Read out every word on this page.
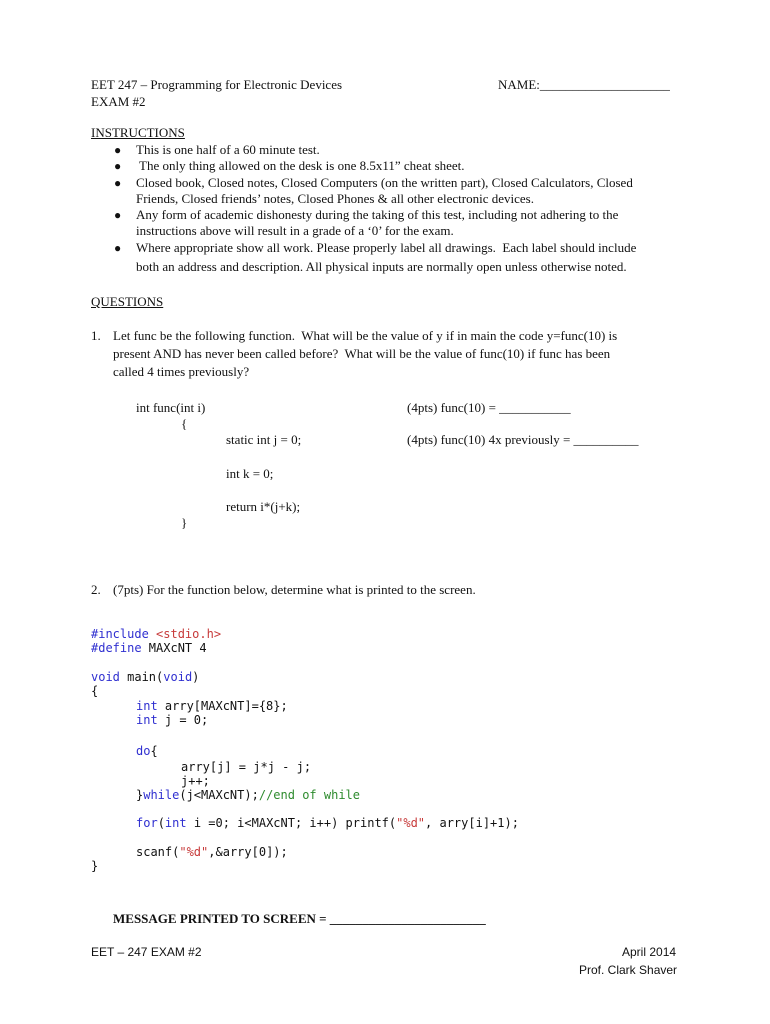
EET 247 – Programming for Electronic Devices	NAME:____________________
EXAM #2
INSTRUCTIONS
● This is one half of a 60 minute test.
● The only thing allowed on the desk is one 8.5x11” cheat sheet.
● Closed book, Closed notes, Closed Computers (on the written part), Closed Calculators, Closed
Friends, Closed friends’ notes, Closed Phones & all other electronic devices.
● Any form of academic dishonesty during the taking of this test, including not adhering to the
instructions above will result in a grade of a ‘0’ for the exam.
● Where appropriate show all work. Please properly label all drawings.  Each label should include
both an address and description. All physical inputs are normally open unless otherwise noted.
QUESTIONS
1. Let func be the following function.  What will be the value of y if in main the code y=func(10) is
present AND has never been called before?  What will be the value of func(10) if func has been
called 4 times previously?
int func(int i)
{
static int j = 0;
int k = 0;
return i*(j+k);
}
(4pts) func(10) = ___________
(4pts) func(10) 4x previously = __________
2. (7pts) For the function below, determine what is printed to the screen.
#include <stdio.h>
#define MAXcNT 4
void main(void)
{
int arry[MAXcNT]={8};
int j = 0;
do{
arry[j] = j*j - j;
j++;
}while(j<MAXcNT);//end of while
for(int i =0; i<MAXcNT; i++) printf("%d", arry[i]+1);
scanf("%d",&arry[0]);
}
MESSAGE PRINTED TO SCREEN = ________________________
EET – 247 EXAM #2	April 2014
Prof. Clark Shaver
